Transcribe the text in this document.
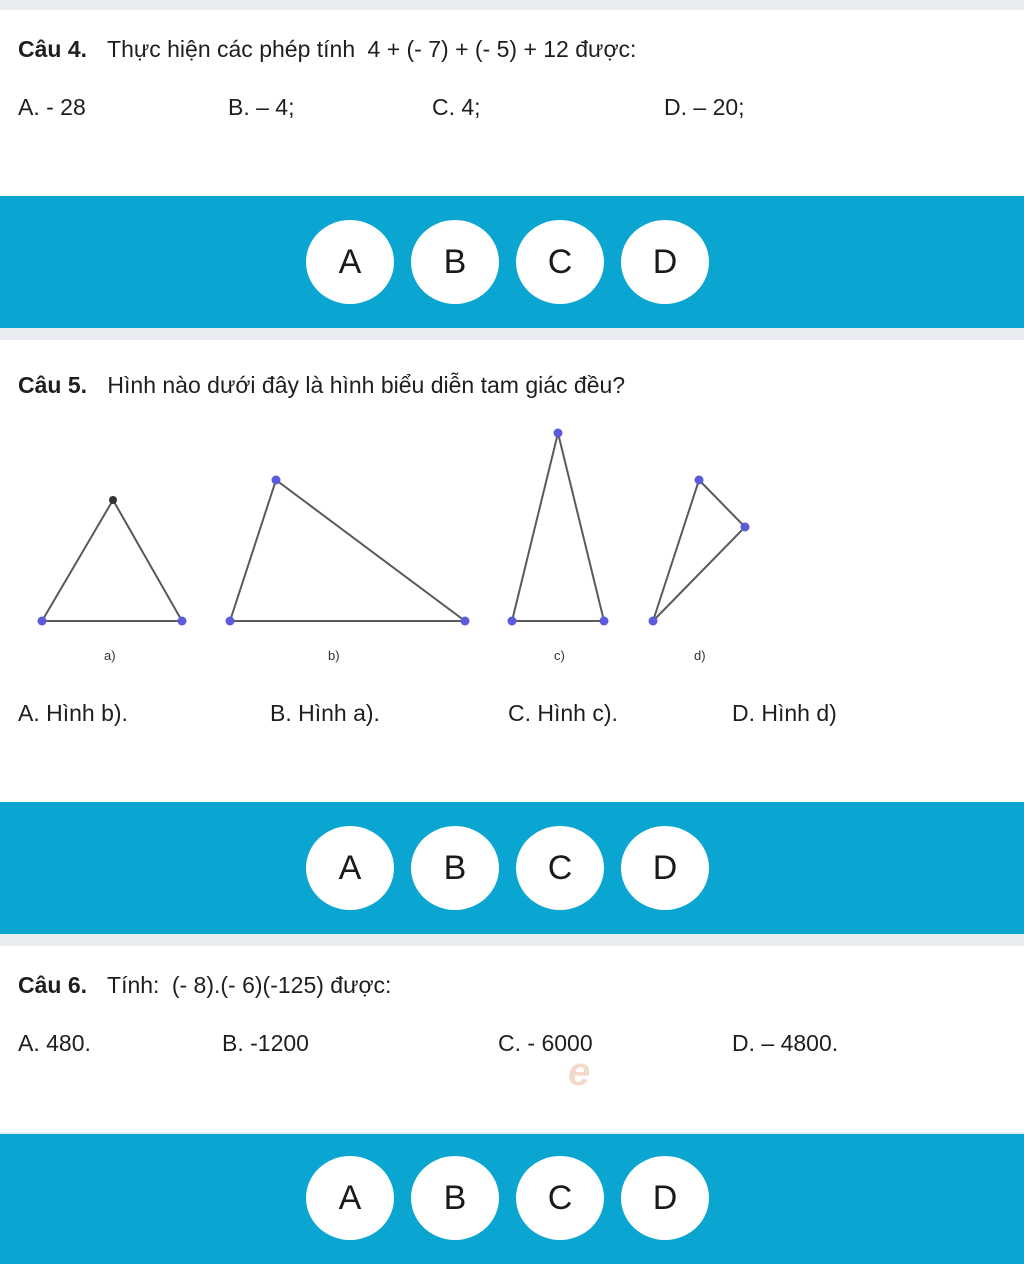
Câu 4. Thực hiện các phép tính 4 + (- 7) + (- 5) + 12 được:
A. - 28	B. – 4;	C. 4;	D. – 20;
A	B	C	D
Câu 5. Hình nào dưới đây là hình biểu diễn tam giác đều?
a)	b)	c)	d)
A. Hình b).	B. Hình a).	C. Hình c).	D. Hình d)
A	B	C	D
Câu 6. Tính: (- 8).(- 6)(-125) được:
A. 480.	B. -1200	C. - 6000	D. – 4800.
e
A	B	C	D
